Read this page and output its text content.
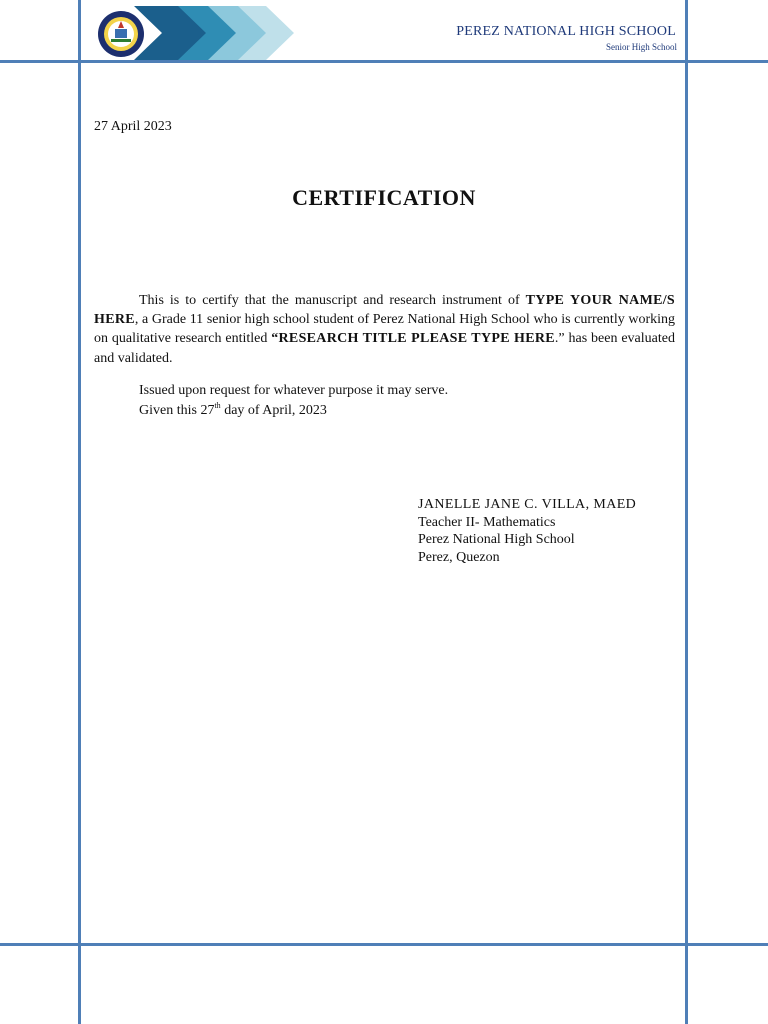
PEREZ NATIONAL HIGH SCHOOL
Senior High School
27 April 2023
CERTIFICATION

This is to certify that the manuscript and research instrument of TYPE YOUR NAME/S HERE, a Grade 11 senior high school student of Perez National High School who is currently working on qualitative research entitled “RESEARCH TITLE PLEASE TYPE HERE.” has been evaluated and validated.

Issued upon request for whatever purpose it may serve.
Given this 27th day of April, 2023
JANELLE JANE C. VILLA, MAED
Teacher II- Mathematics
Perez National High School
Perez, Quezon
